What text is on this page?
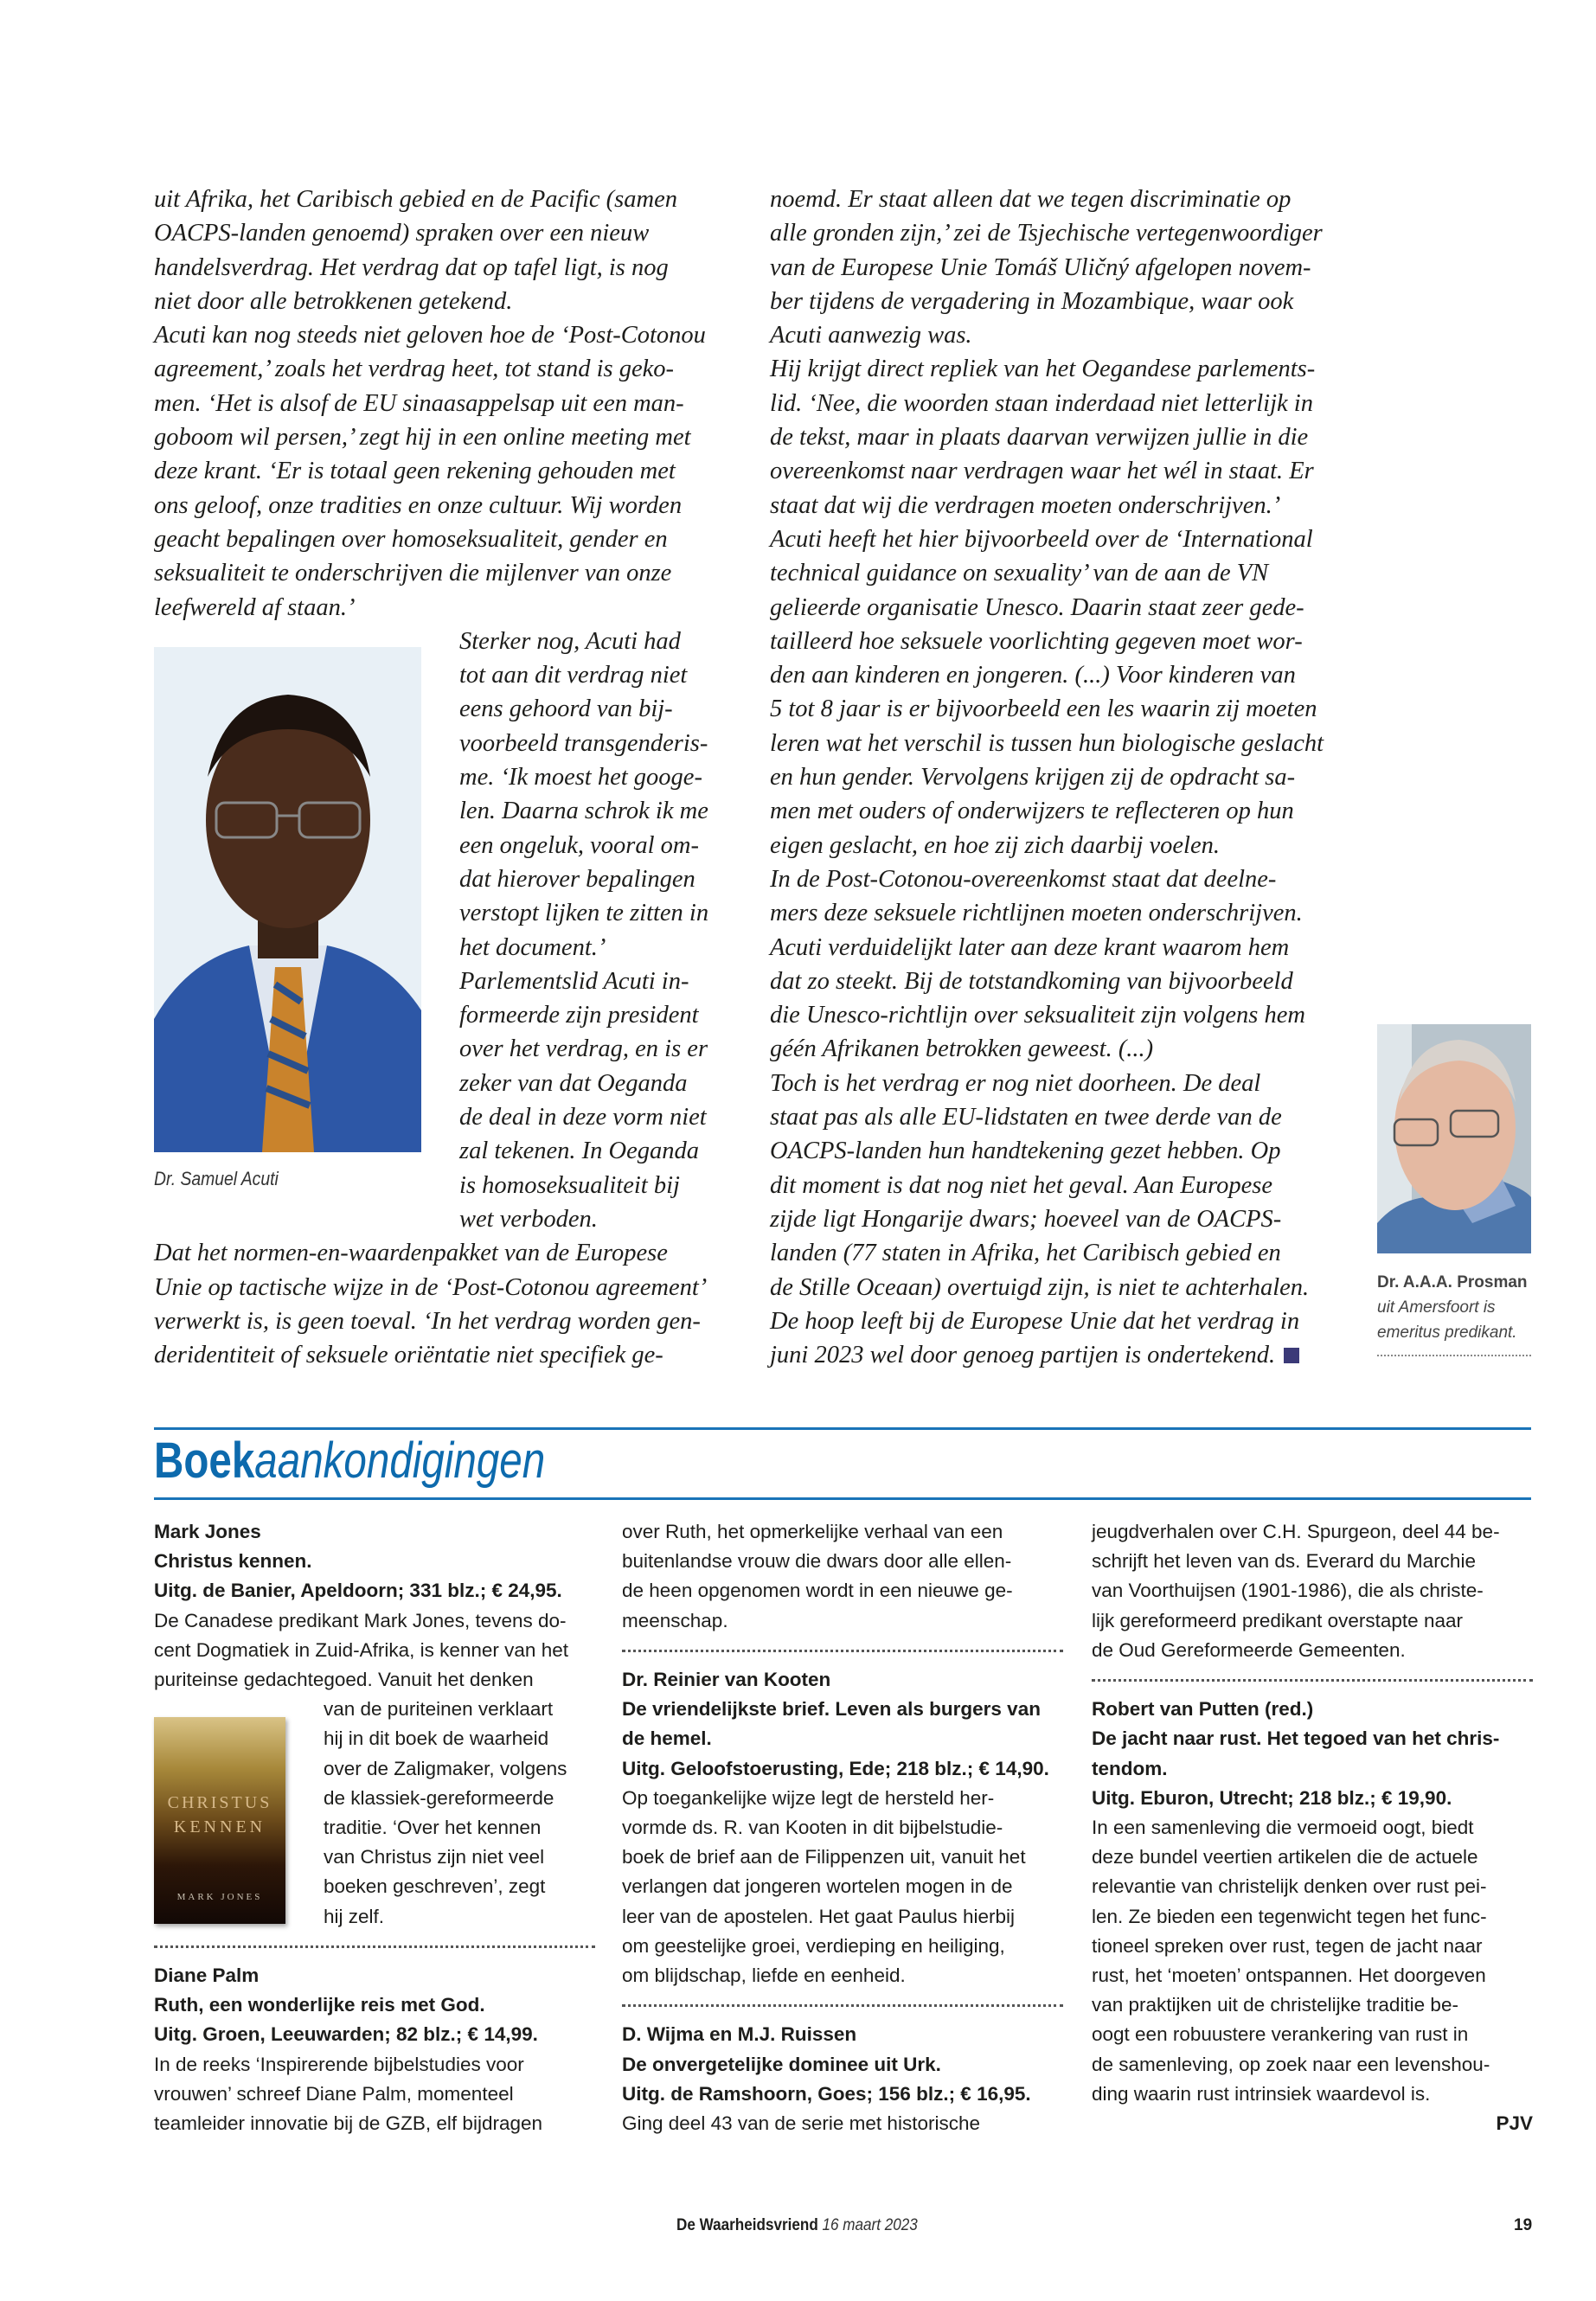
uit Afrika, het Caribisch gebied en de Pacific (samen
OACPS-landen genoemd) spraken over een nieuw
handelsverdrag. Het verdrag dat op tafel ligt, is nog
niet door alle betrokkenen getekend.
Acuti kan nog steeds niet geloven hoe de ‘Post-Cotonou
agreement,’ zoals het verdrag heet, tot stand is geko-
men. ‘Het is alsof de EU sinaasappelsap uit een man-
goboom wil persen,’ zegt hij in een online meeting met
deze krant. ‘Er is totaal geen rekening gehouden met
ons geloof, onze tradities en onze cultuur. Wij worden
geacht bepalingen over homoseksualiteit, gender en
seksualiteit te onderschrijven die mijlenver van onze
leefwereld af staan.’
Sterker nog, Acuti had
tot aan dit verdrag niet
eens gehoord van bij-
voorbeeld transgenderis-
me. ‘Ik moest het googe-
len. Daarna schrok ik me
een ongeluk, vooral om-
dat hierover bepalingen
verstopt lijken te zitten in
het document.’
Parlementslid Acuti in-
formeerde zijn president
over het verdrag, en is er
zeker van dat Oeganda
de deal in deze vorm niet
zal tekenen. In Oeganda
is homoseksualiteit bij
wet verboden.
Dat het normen-en-waardenpakket van de Europese
Unie op tactische wijze in de ‘Post-Cotonou agreement’
verwerkt is, is geen toeval. ‘In het verdrag worden gen-
deridentiteit of seksuele oriëntatie niet specifiek ge-
noemd. Er staat alleen dat we tegen discriminatie op
alle gronden zijn,’ zei de Tsjechische vertegenwoordiger
van de Europese Unie Tomáš Uličný afgelopen novem-
ber tijdens de vergadering in Mozambique, waar ook
Acuti aanwezig was.
Hij krijgt direct repliek van het Oegandese parlements-
lid. ‘Nee, die woorden staan inderdaad niet letterlijk in
de tekst, maar in plaats daarvan verwijzen jullie in die
overeenkomst naar verdragen waar het wél in staat. Er
staat dat wij die verdragen moeten onderschrijven.’
Acuti heeft het hier bijvoorbeeld over de ‘International
technical guidance on sexuality’ van de aan de VN
gelieerde organisatie Unesco. Daarin staat zeer gede-
tailleerd hoe seksuele voorlichting gegeven moet wor-
den aan kinderen en jongeren. (...) Voor kinderen van
5 tot 8 jaar is er bijvoorbeeld een les waarin zij moeten
leren wat het verschil is tussen hun biologische geslacht
en hun gender. Vervolgens krijgen zij de opdracht sa-
men met ouders of onderwijzers te reflecteren op hun
eigen geslacht, en hoe zij zich daarbij voelen.
In de Post-Cotonou-overeenkomst staat dat deelne-
mers deze seksuele richtlijnen moeten onderschrijven.
Acuti verduidelijkt later aan deze krant waarom hem
dat zo steekt. Bij de totstandkoming van bijvoorbeeld
die Unesco-richtlijn over seksualiteit zijn volgens hem
géén Afrikanen betrokken geweest. (...)
Toch is het verdrag er nog niet doorheen. De deal
staat pas als alle EU-lidstaten en twee derde van de
OACPS-landen hun handtekening gezet hebben. Op
dit moment is dat nog niet het geval. Aan Europese
zijde ligt Hongarije dwars; hoeveel van de OACPS-
landen (77 staten in Afrika, het Caribisch gebied en
de Stille Oceaan) overtuigd zijn, is niet te achterhalen.
De hoop leeft bij de Europese Unie dat het verdrag in
juni 2023 wel door genoeg partijen is ondertekend.
Dr. Samuel Acuti
Dr. A.A.A. Prosman
uit Amersfoort is
emeritus predikant.
Boekaankondigingen
Mark Jones
Christus kennen.
Uitg. de Banier, Apeldoorn; 331 blz.; € 24,95.
De Canadese predikant Mark Jones, tevens do-
cent Dogmatiek in Zuid-Afrika, is kenner van het
puriteinse gedachtegoed. Vanuit het denken
van de puriteinen verklaart
hij in dit boek de waarheid
over de Zaligmaker, volgens
de klassiek-gereformeerde
traditie. ‘Over het kennen
van Christus zijn niet veel
boeken geschreven’, zegt
hij zelf.
Diane Palm
Ruth, een wonderlijke reis met God.
Uitg. Groen, Leeuwarden; 82 blz.; € 14,99.
In de reeks ‘Inspirerende bijbelstudies voor
vrouwen’ schreef Diane Palm, momenteel
teamleider innovatie bij de GZB, elf bijdragen
over Ruth, het opmerkelijke verhaal van een
buitenlandse vrouw die dwars door alle ellen-
de heen opgenomen wordt in een nieuwe ge-
meenschap.
Dr. Reinier van Kooten
De vriendelijkste brief. Leven als burgers van
de hemel.
Uitg. Geloofstoerusting, Ede; 218 blz.; € 14,90.
Op toegankelijke wijze legt de hersteld her-
vormde ds. R. van Kooten in dit bijbelstudie-
boek de brief aan de Filippenzen uit, vanuit het
verlangen dat jongeren wortelen mogen in de
leer van de apostelen. Het gaat Paulus hierbij
om geestelijke groei, verdieping en heiliging,
om blijdschap, liefde en eenheid.
D. Wijma en M.J. Ruissen
De onvergetelijke dominee uit Urk.
Uitg. de Ramshoorn, Goes; 156 blz.; € 16,95.
Ging deel 43 van de serie met historische
jeugdverhalen over C.H. Spurgeon, deel 44 be-
schrijft het leven van ds. Everard du Marchie
van Voorthuijsen (1901-1986), die als christe-
lijk gereformeerd predikant overstapte naar
de Oud Gereformeerde Gemeenten.
Robert van Putten (red.)
De jacht naar rust. Het tegoed van het chris-
tendom.
Uitg. Eburon, Utrecht; 218 blz.; € 19,90.
In een samenleving die vermoeid oogt, biedt
deze bundel veertien artikelen die de actuele
relevantie van christelijk denken over rust pei-
len. Ze bieden een tegenwicht tegen het func-
tioneel spreken over rust, tegen de jacht naar
rust, het ‘moeten’ ontspannen. Het doorgeven
van praktijken uit de christelijke traditie be-
oogt een robuustere verankering van rust in
de samenleving, op zoek naar een levenshou-
ding waarin rust intrinsiek waardevol is.
PJV
CHRISTUS
KENNEN
MARK JONES
De Waarheidsvriend 16 maart 2023	19
